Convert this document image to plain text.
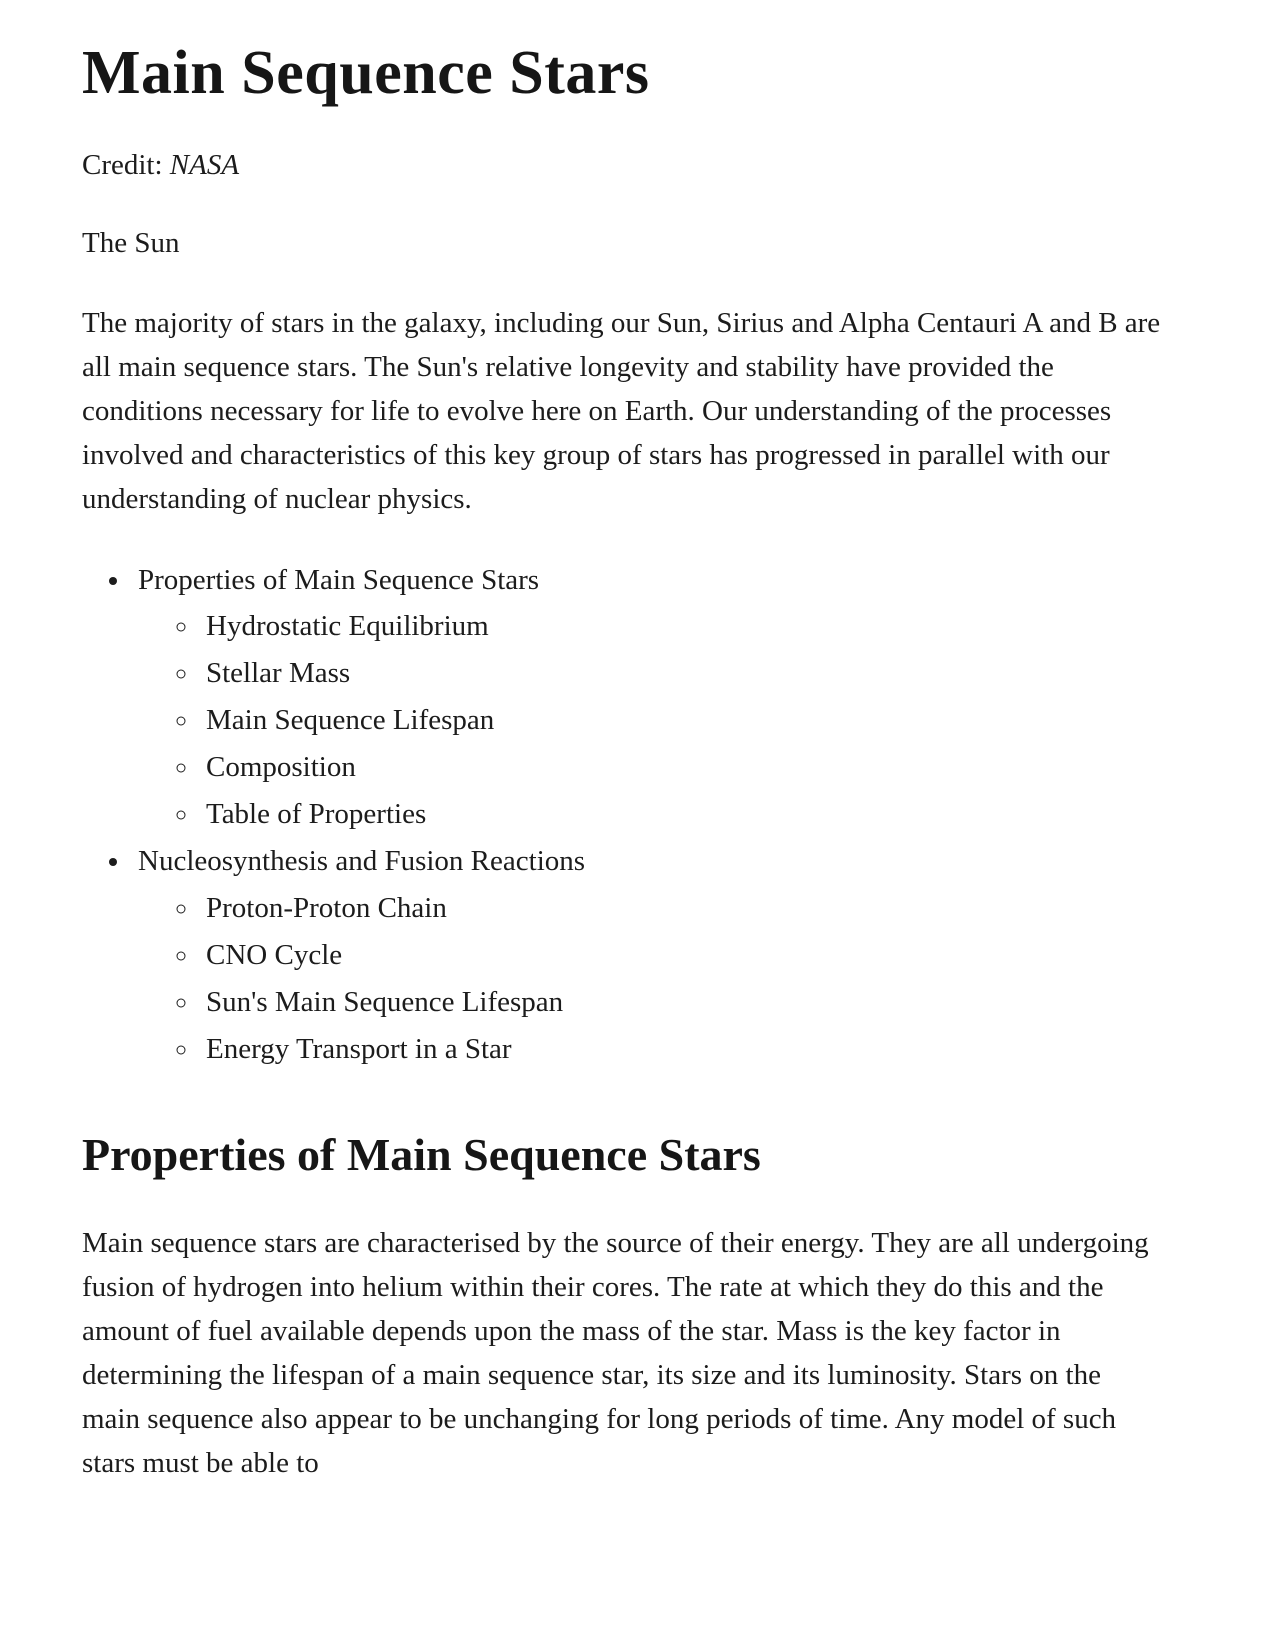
Main Sequence Stars

Credit: NASA

The Sun

The majority of stars in the galaxy, including our Sun, Sirius and Alpha Centauri A and B are all main sequence stars. The Sun's relative longevity and stability have provided the conditions necessary for life to evolve here on Earth. Our understanding of the processes involved and characteristics of this key group of stars has progressed in parallel with our understanding of nuclear physics.

• Properties of Main Sequence Stars
◦ Hydrostatic Equilibrium
◦ Stellar Mass
◦ Main Sequence Lifespan
◦ Composition
◦ Table of Properties
• Nucleosynthesis and Fusion Reactions
◦ Proton-Proton Chain
◦ CNO Cycle
◦ Sun's Main Sequence Lifespan
◦ Energy Transport in a Star
Properties of Main Sequence Stars

Main sequence stars are characterised by the source of their energy. They are all undergoing fusion of hydrogen into helium within their cores. The rate at which they do this and the amount of fuel available depends upon the mass of the star. Mass is the key factor in determining the lifespan of a main sequence star, its size and its luminosity. Stars on the main sequence also appear to be unchanging for long periods of time. Any model of such stars must be able to
